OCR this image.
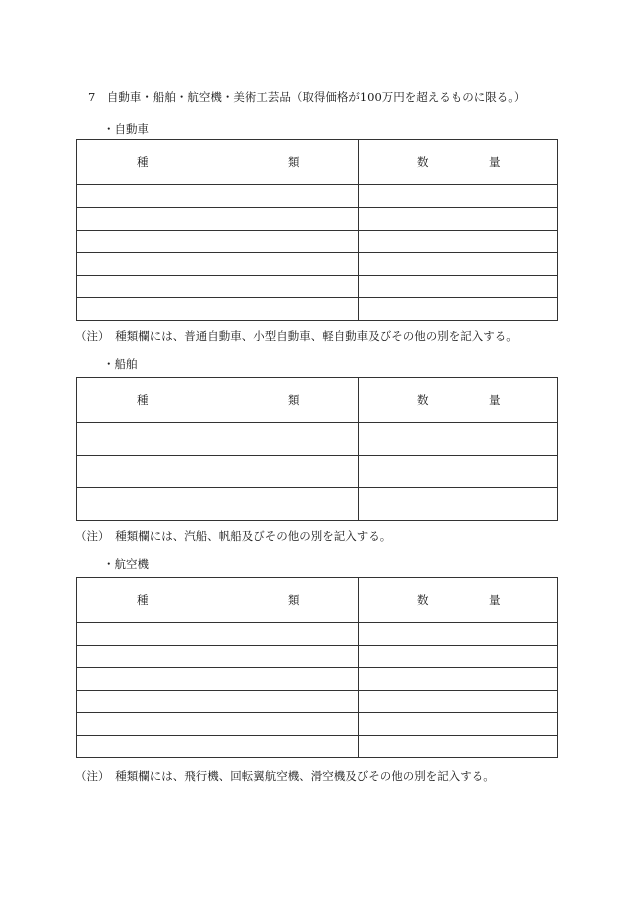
7　自動車・船舶・航空機・美術工芸品（取得価格が100万円を超えるものに限る。）
・自動車
種 類	数 量

（注）　種類欄には、普通自動車、小型自動車、軽自動車及びその他の別を記入する。
・船舶
種 類	数 量

（注）　種類欄には、汽船、帆船及びその他の別を記入する。
・航空機
種 類	数 量

（注）　種類欄には、飛行機、回転翼航空機、滑空機及びその他の別を記入する。
